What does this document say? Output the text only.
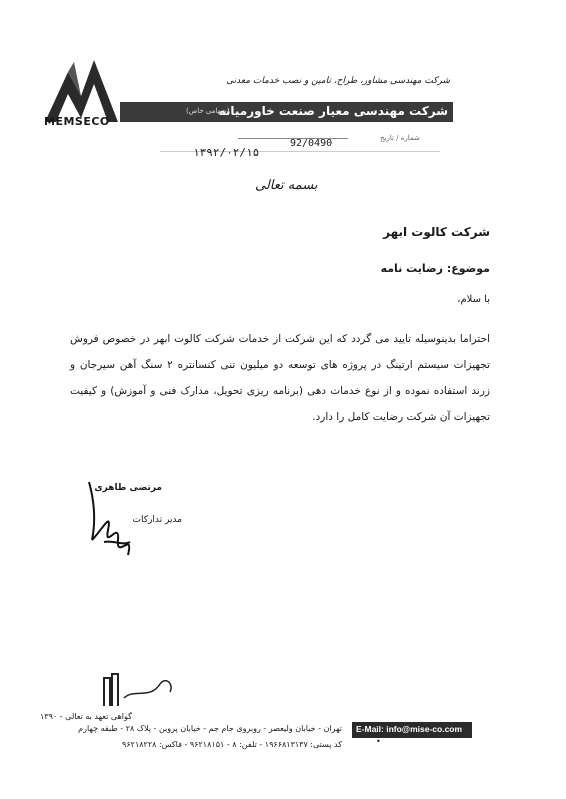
MEMSECO
شرکت مهندسی مشاور، طراح، تامین و نصب خدمات معدنی
شرکت مهندسی معیار صنعت خاورمیانه
(سهامی خاص)
شماره / تاریخ
۱۳۹۲/۰۲/۱۵
92/0490
بسمه تعالی
شرکت کالوت ابهر
موضوع: رضایت نامه
با سلام،
احتراما بدینوسیله تایید می گردد که این شرکت از خدمات شرکت کالوت ابهر در خصوص فروش تجهیزات سیستم ارتینگ در پروژه های توسعه دو میلیون تنی کنسانتره ۲ سنگ آهن سیرجان و زرند استفاده نموده و از نوع خدمات دهی (برنامه ریزی تحویل، مدارک فنی و آموزش) و کیفیت تجهیزات آن شرکت رضایت کامل را دارد.
مرتضی طاهری
مدیر تدارکات
گواهی تعهد به تعالی - ۱۳۹۰
E-Mail: info@mise-co.com
تهران - خیابان ولیعصر - روبروی جام جم - خیابان پروین - پلاک ۲۸ - طبقه چهارم
کد پستی: ۱۹۶۶۸۱۳۱۳۷ - تلفن: ۸ - ۹۶۲۱۸۱۵۱ - فاکس: ۹۶۲۱۸۲۲۸	•
